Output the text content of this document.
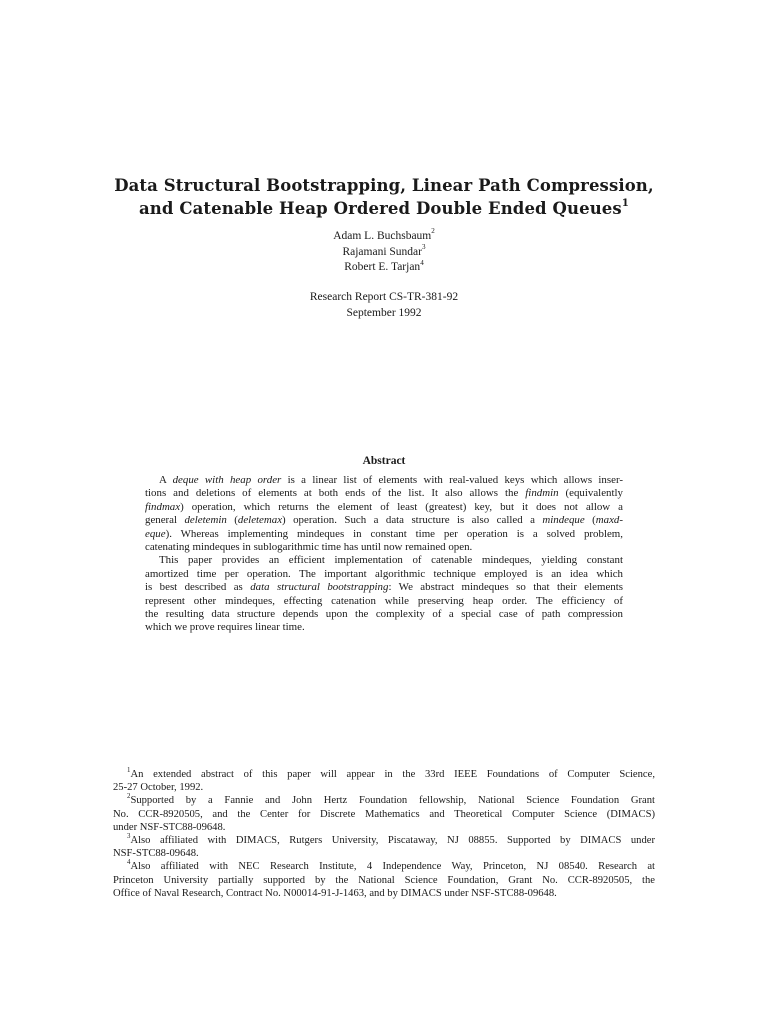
Data Structural Bootstrapping, Linear Path Compression,
and Catenable Heap Ordered Double Ended Queues$^1$
Adam L. Buchsbaum$^2$
Rajamani Sundar$^3$
Robert E. Tarjan$^4$
Research Report CS-TR-381-92
September 1992
Abstract
A deque with heap order is a linear list of elements with real-valued keys which allows inser-
tions and deletions of elements at both ends of the list. It also allows the findmin (equivalently
findmax) operation, which returns the element of least (greatest) key, but it does not allow a
general deletemin (deletemax) operation. Such a data structure is also called a mindeque (maxd-
eque). Whereas implementing mindeques in constant time per operation is a solved problem,
catenating mindeques in sublogarithmic time has until now remained open.
This paper provides an efficient implementation of catenable mindeques, yielding constant
amortized time per operation. The important algorithmic technique employed is an idea which
is best described as data structural bootstrapping: We abstract mindeques so that their elements
represent other mindeques, effecting catenation while preserving heap order. The efficiency of
the resulting data structure depends upon the complexity of a special case of path compression
which we prove requires linear time.
$^1$An extended abstract of this paper will appear in the 33rd IEEE Foundations of Computer Science,
25-27 October, 1992.
$^2$Supported by a Fannie and John Hertz Foundation fellowship, National Science Foundation Grant
No. CCR-8920505, and the Center for Discrete Mathematics and Theoretical Computer Science (DIMACS)
under NSF-STC88-09648.
$^3$Also affiliated with DIMACS, Rutgers University, Piscataway, NJ 08855. Supported by DIMACS under
NSF-STC88-09648.
$^4$Also affiliated with NEC Research Institute, 4 Independence Way, Princeton, NJ 08540. Research at
Princeton University partially supported by the National Science Foundation, Grant No. CCR-8920505, the
Office of Naval Research, Contract No. N00014-91-J-1463, and by DIMACS under NSF-STC88-09648.
